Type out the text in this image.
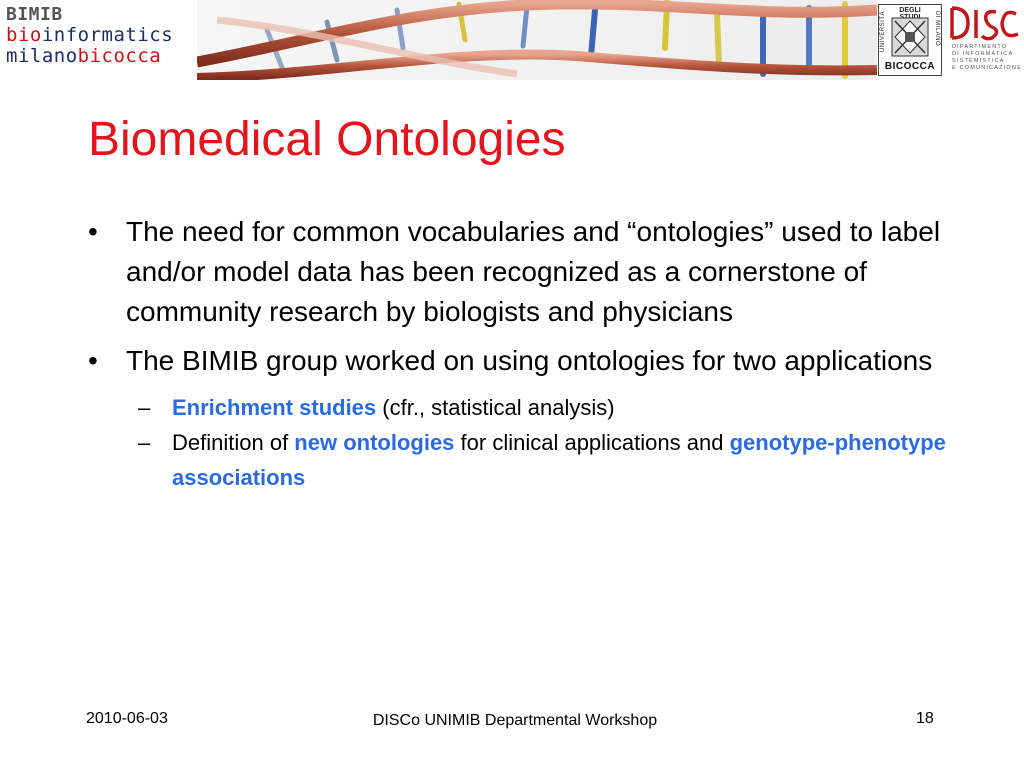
BIMIB
bioinformatics
milanobicocca
DEGLI
UNIVERSITÀ	DI MILANO
BICOCCA
DIPARTIMENTO
DI INFORMATICA
SISTEMISTICA
E COMUNICAZIONE
Biomedical Ontologies
• The need for common vocabularies and “ontologies” used to label and/or model data has been recognized as a cornerstone of community research by biologists and physicians
• The BIMIB group worked on using ontologies for two applications
– Enrichment studies (cfr., statistical analysis)
– Definition of new ontologies for clinical applications and genotype-phenotype associations
2010-06-03	DISCo UNIMIB Departmental Workshop	18
